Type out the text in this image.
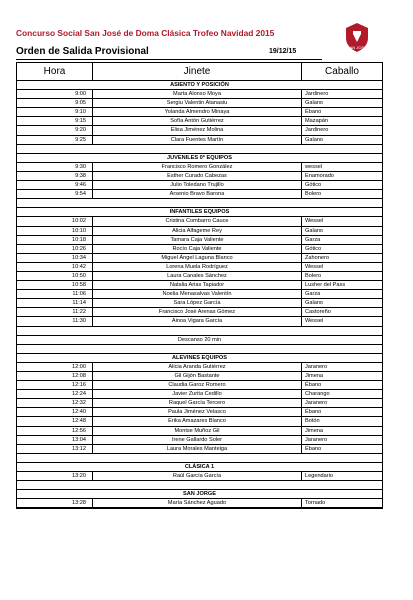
Concurso Social San José de Doma Clásica Trofeo Navidad 2015
SAN JOSÉ
Orden de Salida Provisional	19/12/15
Hora	Jinete	Caballo
ASIENTO Y POSICIÓN
9:00	Marta Alonso Moya	Jardinero
9:05	Sergiu Valentin Atanasiu	Galano
9:10	Yolanda Almendro Minaya	Ébano
9:15	Sofía Antón Gutiérrez	Mazapán
9:20	Elisa Jiménez Molina	Jardinero
9:25	Clara Fuentes Martín	Galano
JUVENILES 0* EQUIPOS
9:30	Francisco Romero González	wessel
9:38	Esther Curado Cabezas	Enamorado
9:46	Julio Toledano Trujillo	Gótico
9:54	Arsenio Bravo Barona	Bolero
INFANTILES EQUIPOS
10:02	Cristina Combarro Cauce	Wessel
10:10	Alicia Alfageme Rey	Galano
10:18	Tamara Caja Valiente	Garza
10:26	Rocío Caja Valiente	Gótico
10:34	Miguel Ángel Laguna Blanco	Zahonero
10:42	Lorena Muela Rodríguez	Wessel
10:50	Laura Canales Sánchez	Bolero
10:58	Natalia Arias Tapiador	Lusher del Pass
11:06	Noelia Menasalvas Valentín	Garza
11:14	Sara López García	Galano
11:22	Francisco José Arenas Gómez	Castoreño
11:30	Ainoa Vigara García	Wessel
Descanso 20 min
ALEVINES EQUIPOS
12:00	Alicia Aranda Gutiérrez	Jaranero
12:08	Gil Gijón Bastante	Jimena
12:16	Claudia Garoz Romero	Ébano
12:24	Javier Zurita Cedillo	Charango
12:32	Raquel García Tercero	Jaranero
12:40	Paula Jiménez Velasco	Ébano
12:48	Erika Amazares Blanco	Botón
12:56	Montse Muñoz Gil	Jimena
13:04	Irene Gallardo Soler	Jaranero
13:12	Laura Morales Manteiga	Ébano
CLÁSICA 1
13:20	Raúl García García	Legendario
SAN JORGE
13:28	María Sánchez Aguado	Tornado
